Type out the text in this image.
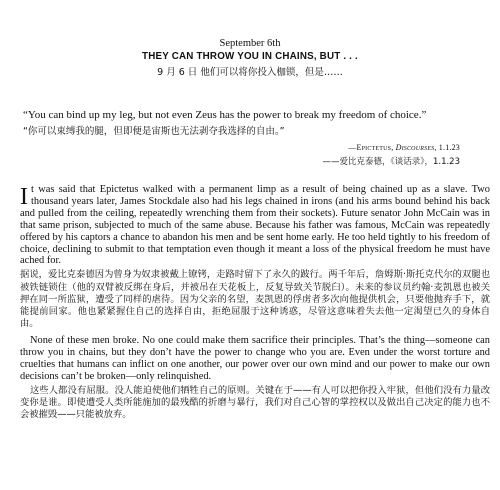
September 6th
THEY CAN THROW YOU IN CHAINS, BUT . . .
9 月 6 日 他们可以将你投入枷锁，但是……
“You can bind up my leg, but not even Zeus has the power to break my freedom of choice.”
“你可以束缚我的腿，但即便是宙斯也无法剥夺我选择的自由。”
—Epictetus, Discourses, 1.1.23
——爱比克泰德，《谈话录》，1.1.23

It was said that Epictetus walked with a permanent limp as a result of being chained up as a slave. Two thousand years later, James Stockdale also had his legs chained in irons (and his arms bound behind his back and pulled from the ceiling, repeatedly wrenching them from their sockets). Future senator John McCain was in that same prison, subjected to much of the same abuse. Because his father was famous, McCain was repeatedly offered by his captors a chance to abandon his men and be sent home early. He too held tightly to his freedom of choice, declining to submit to that temptation even though it meant a loss of the physical freedom he must have ached for.

据说，爱比克泰德因为曾身为奴隶被戴上镣铐，走路时留下了永久的跛行。两千年后，詹姆斯·斯托克代尔的双腿也被铁链锁住（他的双臂被反绑在身后，并被吊在天花板上，反复导致关节脱臼）。未来的参议员约翰·麦凯恩也被关押在同一所监狱，遭受了同样的虐待。因为父亲的名望，麦凯恩的俘虏者多次向他提供机会，只要他抛弃手下，就能提前回家。他也紧紧握住自己的选择自由，拒绝屈服于这种诱惑，尽管这意味着失去他一定渴望已久的身体自由。

None of these men broke. No one could make them sacrifice their principles. That’s the thing—someone can throw you in chains, but they don’t have the power to change who you are. Even under the worst torture and cruelties that humans can inflict on one another, our power over our own mind and our power to make our own decisions can’t be broken—only relinquished.

这些人都没有屈服。没人能迫使他们牺牲自己的原则。关键在于——有人可以把你投入牢狱，但他们没有力量改变你是谁。即使遭受人类所能施加的最残酷的折磨与暴行，我们对自己心智的掌控权以及做出自己决定的能力也不会被摧毁——只能被放弃。
